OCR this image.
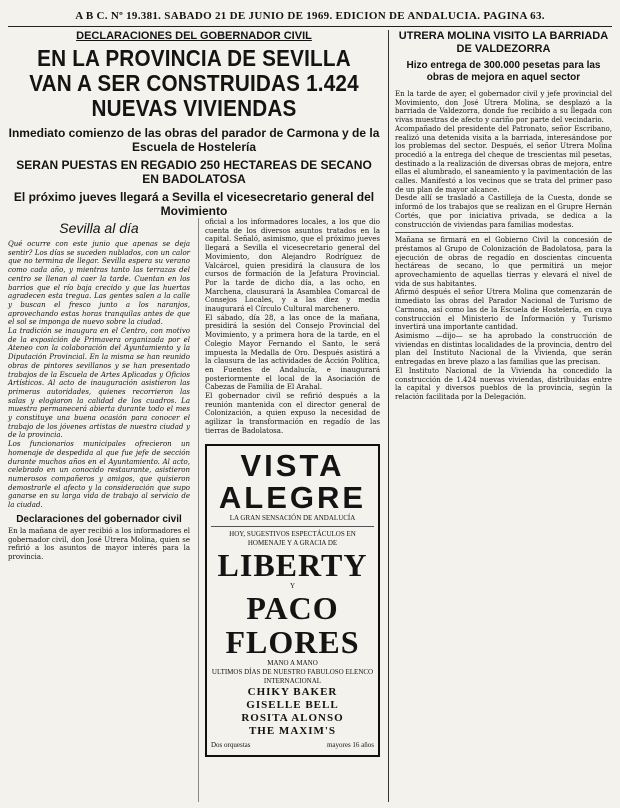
A B C. Nº 19.381. SABADO 21 DE JUNIO DE 1969. EDICION DE ANDALUCIA. PAGINA 63.

DECLARACIONES DEL GOBERNADOR CIVIL

EN LA PROVINCIA DE SEVILLA VAN A SER CONSTRUIDAS 1.424 NUEVAS VIVIENDAS

Inmediato comienzo de las obras del parador de Carmona y de la Escuela de Hostelería

SERAN PUESTAS EN REGADIO 250 HECTAREAS DE SECANO EN BADOLATOSA

El próximo jueves llegará a Sevilla el vicesecretario general del Movimiento

Sevilla al día

Qué ocurre con este junio que apenas se deja sentir? Los días se suceden nublados, con un calor que no termina de llegar. Sevilla espera su verano como cada año, y mientras tanto las terrazas del centro se llenan al caer la tarde. Cuentan en los barrios que el río baja crecido y que las huertas agradecen esta tregua. Las gentes salen a la calle y buscan el fresco junto a los naranjos, aprovechando estas horas tranquilas antes de que el sol se imponga de nuevo sobre la ciudad.

La tradición se inaugura en el Centro, con motivo de la exposición de Primavera organizada por el Ateneo con la colaboración del Ayuntamiento y la Diputación Provincial. En la misma se han reunido obras de pintores sevillanos y se han presentado trabajos de la Escuela de Artes Aplicadas y Oficios Artísticos. Al acto de inauguración asistieron las primeras autoridades, quienes recorrieron las salas y elogiaron la calidad de los cuadros. La muestra permanecerá abierta durante todo el mes y constituye una buena ocasión para conocer el trabajo de los jóvenes artistas de nuestra ciudad y de la provincia.

Los funcionarios municipales ofrecieron un homenaje de despedida al que fue jefe de sección durante muchos años en el Ayuntamiento. Al acto, celebrado en un conocido restaurante, asistieron numerosos compañeros y amigos, que quisieron demostrarle el afecto y la consideración que supo ganarse en su larga vida de trabajo al servicio de la ciudad.

Declaraciones del gobernador civil

En la mañana de ayer recibió a los informadores el gobernador civil, don José Utrera Molina, quien se refirió a los asuntos de mayor interés para la provincia.

oficial a los informadores locales, a los que dio cuenta de los diversos asuntos tratados en la capital. Señaló, asimismo, que el próximo jueves llegará a Sevilla el vicesecretario general del Movimiento, don Alejandro Rodríguez de Valcárcel, quien presidirá la clausura de los cursos de formación de la Jefatura Provincial. Por la tarde de dicho día, a las ocho, en Marchena, clausurará la Asamblea Comarcal de Consejos Locales, y a las diez y media inaugurará el Círculo Cultural marchenero.

El sábado, día 28, a las once de la mañana, presidirá la sesión del Consejo Provincial del Movimiento, y a primera hora de la tarde, en el Colegio Mayor Fernando el Santo, le será impuesta la Medalla de Oro. Después asistirá a la clausura de las actividades de Acción Política, en Fuentes de Andalucía, e inaugurará posteriormente el local de la Asociación de Cabezas de Familia de El Arahal.

El gobernador civil se refirió después a la reunión mantenida con el director general de Colonización, a quien expuso la necesidad de agilizar la transformación en regadío de las tierras de Badolatosa.

VISTA
ALEGRE
LA GRAN SENSACIÓN DE ANDALUCÍA
HOY, SUGESTIVOS ESPECTÁCULOS EN HOMENAJE Y A GRACIA DE
LIBERTY
Y
PACO FLORES
MANO A MANO
ULTIMOS DÍAS DE NUESTRO FABULOSO ELENCO INTERNACIONAL
CHIKY BAKER
GISELLE BELL
ROSITA ALONSO
THE MAXIM'S
Dos orquestas	mayores 16 años
UTRERA MOLINA VISITO LA BARRIADA DE VALDEZORRA

Hizo entrega de 300.000 pesetas para las obras de mejora en aquel sector

En la tarde de ayer, el gobernador civil y jefe provincial del Movimiento, don José Utrera Molina, se desplazó a la barriada de Valdezorra, donde fue recibido a su llegada con vivas muestras de afecto y cariño por parte del vecindario.

Acompañado del presidente del Patronato, señor Escribano, realizó una detenida visita a la barriada, interesándose por los problemas del sector. Después, el señor Utrera Molina procedió a la entrega del cheque de trescientas mil pesetas, destinado a la realización de diversas obras de mejora, entre ellas el alumbrado, el saneamiento y la pavimentación de las calles. Manifestó a los vecinos que se trata del primer paso de un plan de mayor alcance.

Desde allí se trasladó a Castilleja de la Cuesta, donde se informó de los trabajos que se realizan en el Grupre Hernán Cortés, que por iniciativa privada, se dedica a la construcción de viviendas para familias modestas.

Mañana se firmará en el Gobierno Civil la concesión de préstamos al Grupo de Colonización de Badolatosa, para la ejecución de obras de regadío en doscientas cincuenta hectáreas de secano, lo que permitirá un mejor aprovechamiento de aquellas tierras y elevará el nivel de vida de sus habitantes.

Afirmó después el señor Utrera Molina que comenzarán de inmediato las obras del Parador Nacional de Turismo de Carmona, así como las de la Escuela de Hostelería, en cuya construcción el Ministerio de Información y Turismo invertirá una importante cantidad.

Asimismo —dijo— se ha aprobado la construcción de viviendas en distintas localidades de la provincia, dentro del plan del Instituto Nacional de la Vivienda, que serán entregadas en breve plazo a las familias que las precisan.

El Instituto Nacional de la Vivienda ha concedido la construcción de 1.424 nuevas viviendas, distribuidas entre la capital y diversos pueblos de la provincia, según la relación facilitada por la Delegación.
